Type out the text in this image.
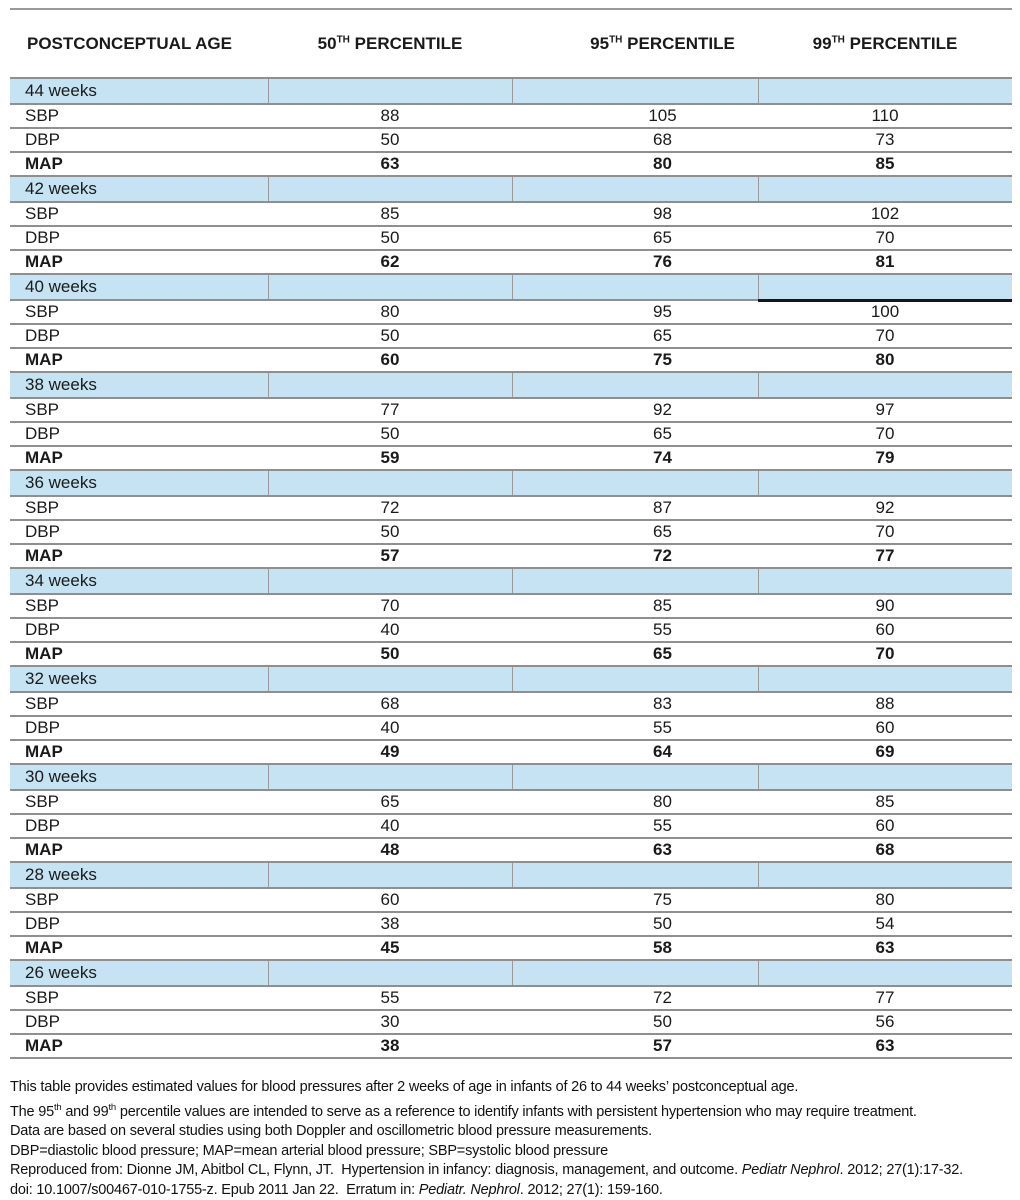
POSTCONCEPTUAL AGE	50TH PERCENTILE	95TH PERCENTILE	99TH PERCENTILE
44 weeks			
SBP	88	105	110
DBP	50	68	73
MAP	63	80	85
42 weeks			
SBP	85	98	102
DBP	50	65	70
MAP	62	76	81
40 weeks			
SBP	80	95	100
DBP	50	65	70
MAP	60	75	80
38 weeks			
SBP	77	92	97
DBP	50	65	70
MAP	59	74	79
36 weeks			
SBP	72	87	92
DBP	50	65	70
MAP	57	72	77
34 weeks			
SBP	70	85	90
DBP	40	55	60
MAP	50	65	70
32 weeks			
SBP	68	83	88
DBP	40	55	60
MAP	49	64	69
30 weeks			
SBP	65	80	85
DBP	40	55	60
MAP	48	63	68
28 weeks			
SBP	60	75	80
DBP	38	50	54
MAP	45	58	63
26 weeks			
SBP	55	72	77
DBP	30	50	56
MAP	38	57	63
This table provides estimated values for blood pressures after 2 weeks of age in infants of 26 to 44 weeks’ postconceptual age.
The 95th and 99th percentile values are intended to serve as a reference to identify infants with persistent hypertension who may require treatment.
Data are based on several studies using both Doppler and oscillometric blood pressure measurements.
DBP=diastolic blood pressure; MAP=mean arterial blood pressure; SBP=systolic blood pressure
Reproduced from: Dionne JM, Abitbol CL, Flynn, JT.  Hypertension in infancy: diagnosis, management, and outcome. Pediatr Nephrol. 2012; 27(1):17-32.
doi: 10.1007/s00467-010-1755-z. Epub 2011 Jan 22.  Erratum in: Pediatr. Nephrol. 2012; 27(1): 159-160.
